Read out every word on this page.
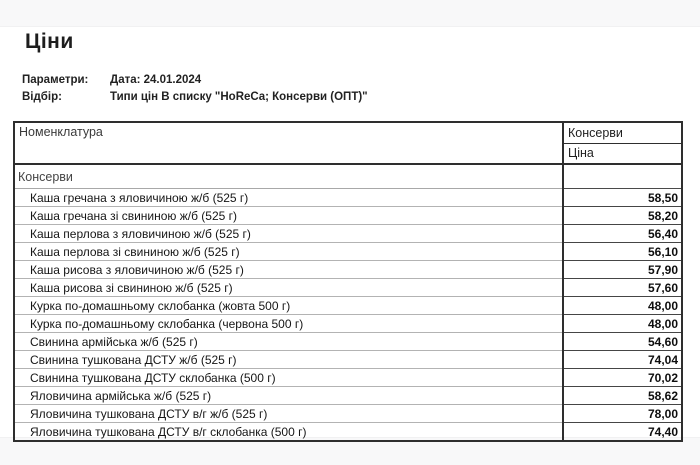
Ціни
Параметри:	Дата: 24.01.2024
Відбір:	Типи цін В списку "HoReCa; Консерви (ОПТ)"
Номенклатура	Консерви
	Ціна
Консерви	
Каша гречана з яловичиною ж/б (525 г)	58,50
Каша гречана зі свининою ж/б (525 г)	58,20
Каша перлова з яловичиною ж/б (525 г)	56,40
Каша перлова зі свининою ж/б (525 г)	56,10
Каша рисова з яловичиною ж/б (525 г)	57,90
Каша рисова зі свининою ж/б (525 г)	57,60
Курка по-домашньому склобанка (жовта 500 г)	48,00
Курка по-домашньому склобанка (червона 500 г)	48,00
Свинина армійська ж/б (525 г)	54,60
Свинина тушкована ДСТУ ж/б (525 г)	74,04
Свинина тушкована ДСТУ склобанка (500 г)	70,02
Яловичина армійська ж/б (525 г)	58,62
Яловичина тушкована ДСТУ в/г ж/б (525 г)	78,00
Яловичина тушкована ДСТУ в/г склобанка (500 г)	74,40
